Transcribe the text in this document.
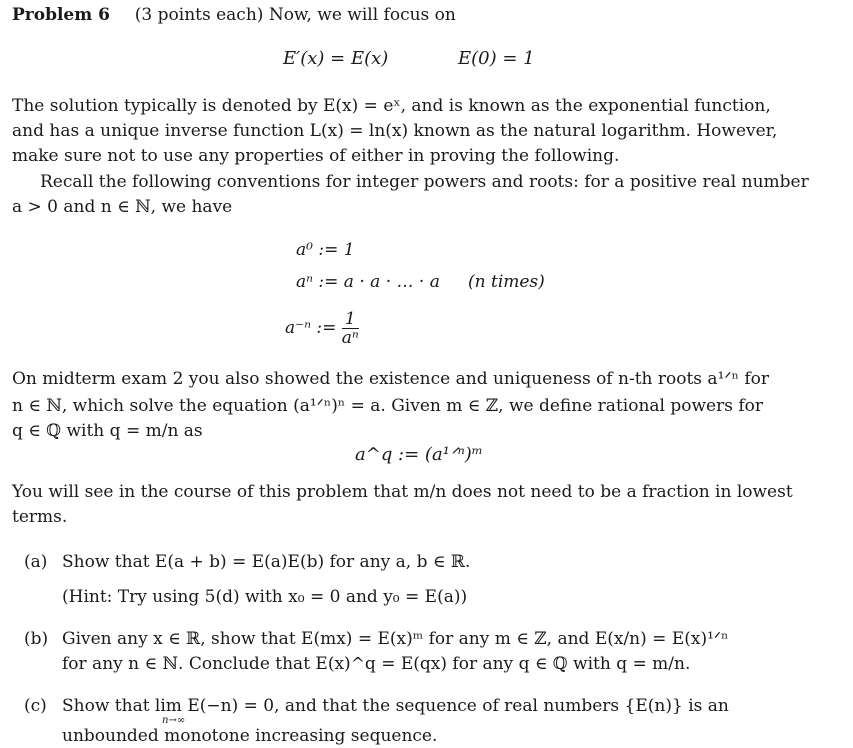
Problem 6 (3 points each) Now, we will focus on
E′(x) = E(x)	E(0) = 1
The solution typically is denoted by E(x) = eˣ, and is known as the exponential function,
and has a unique inverse function L(x) = ln(x) known as the natural logarithm. However,
make sure not to use any properties of either in proving the following.
Recall the following conventions for integer powers and roots: for a positive real number
a > 0 and n ∈ ℕ, we have
a⁰ := 1
aⁿ := a · a · … · a (n times)
a⁻ⁿ := $\frac{1}{\text{aⁿ}}$
On midterm exam 2 you also showed the existence and uniqueness of n-th roots a¹ᐟⁿ for
n ∈ ℕ, which solve the equation (a¹ᐟⁿ)ⁿ = a. Given m ∈ ℤ, we define rational powers for
q ∈ ℚ with q = m/n as
a^q := (a¹ᐟⁿ)ᵐ
You will see in the course of this problem that m/n does not need to be a fraction in lowest
terms.
(a) Show that E(a + b) = E(a)E(b) for any a, b ∈ ℝ.
(Hint: Try using 5(d) with x₀ = 0 and y₀ = E(a))
(b) Given any x ∈ ℝ, show that E(mx) = E(x)ᵐ for any m ∈ ℤ, and E(x/n) = E(x)¹ᐟⁿ
for any n ∈ ℕ. Conclude that E(x)^q = E(qx) for any q ∈ ℚ with q = m/n.
(c) Show that lim E(−n) = 0, and that the sequence of real numbers {E(n)} is an
n→∞
unbounded monotone increasing sequence.
